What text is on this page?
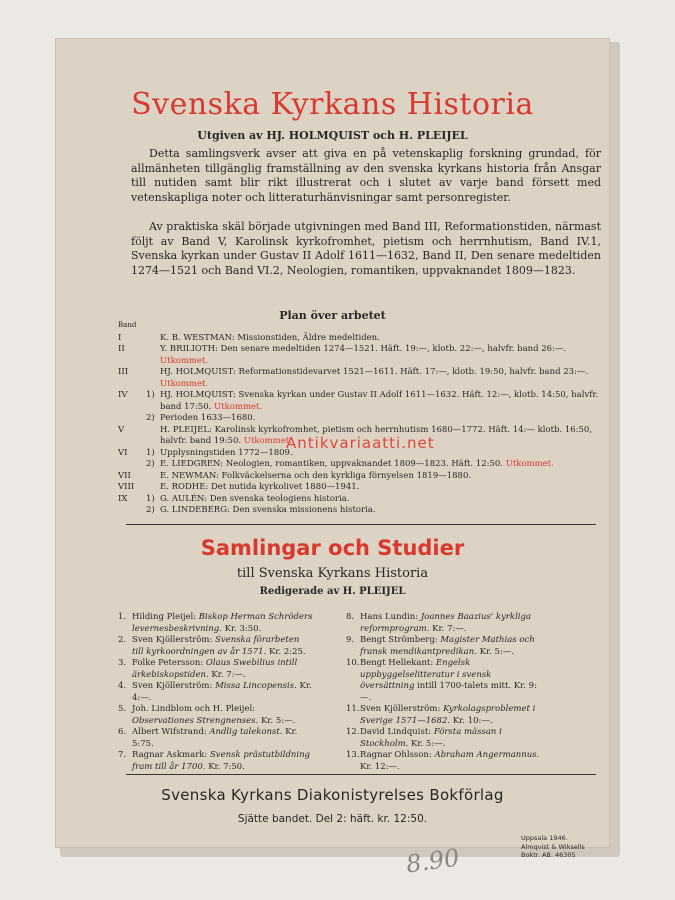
Svenska Kyrkans Historia
Utgiven av HJ. HOLMQUIST och H. PLEIJEL
Detta samlingsverk avser att giva en på vetenskaplig forskning grundad, för allmänheten tillgänglig framställning av den svenska kyrkans historia från Ansgar till nutiden samt blir rikt illustrerat och i slutet av varje band försett med vetenskapliga noter och litteraturhänvisningar samt personregister.
Av praktiska skäl började utgivningen med Band III, Reformationstiden, närmast följt av Band V, Karolinsk kyrkofromhet, pietism och herrnhutism, Band IV.1, Svenska kyrkan under Gustav II Adolf 1611—1632, Band II, Den senare medeltiden 1274—1521 och Band VI.2, Neologien, romantiken, uppvaknandet 1809—1823.
Plan över arbetet
Band
I	K. B. WESTMAN: Missionstiden, Äldre medeltiden.
II	Y. BRILIOTH: Den senare medeltiden 1274—1521. Häft. 19:—, klotb. 22:—, halvfr. band 26:—. Utkommet.
III	HJ. HOLMQUIST: Reformationstidevarvet 1521—1611. Häft. 17:—, klotb. 19:50, halvfr. band 23:—. Utkommet.
IV	1) HJ. HOLMQUIST: Svenska kyrkan under Gustav II Adolf 1611—1632. Häft. 12:—, klotb. 14:50, halvfr. band 17:50. Utkommet.
2) Perioden 1633—1680.
V	H. PLEIJEL: Karolinsk kyrkofromhet, pietism och herrnhutism 1680—1772. Häft. 14:— klotb. 16:50, halvfr. band 19:50. Utkommet.
VI	1) Upplysningstiden 1772—1809.
2) E. LIEDGREN: Neologien, romantiken, uppvaknandet 1809—1823. Häft. 12:50. Utkommet.
VII	E. NEWMAN: Folkväckelserna och den kyrkliga förnyelsen 1819—1880.
VIII	E. RODHE: Det nutida kyrkolivet 1880—1941.
IX	1) G. AULÉN: Den svenska teologiens historia.
2) G. LINDEBERG: Den svenska missionens historia.
Samlingar och Studier
till Svenska Kyrkans Historia
Redigerade av H. PLEIJEL
1. Hilding Pleijel: Biskop Herman Schröders levernesbeskrivning. Kr. 3:50.
2. Sven Kjöllerström: Svenska förarbeten till kyrkoordningen av år 1571. Kr. 2:25.
3. Folke Petersson: Olaus Swebilius intill ärkebiskopstiden. Kr. 7:—.
4. Sven Kjöllerström: Missa Lincopensis. Kr. 4:—.
5. Joh. Lindblom och H. Pleijel: Observationes Strengnenses. Kr. 5:—.
6. Albert Wifstrand: Andlig talekonst. Kr. 5:75.
7. Ragnar Askmark: Svensk prästutbildning fram till år 1700. Kr. 7:50.
8. Hans Lundin: Joannes Baazius' kyrkliga reformprogram. Kr. 7:—.
9. Bengt Strömberg: Magister Mathias och fransk mendikantpredikan. Kr. 5:—.
10. Bengt Hellekant: Engelsk uppbyggelselitteratur i svensk översättning intill 1700-talets mitt. Kr. 9:—.
11. Sven Kjöllerström: Kyrkolagsproblemet i Sverige 1571—1682. Kr. 10:—.
12. David Lindquist: Första mässan i Stockholm. Kr. 5:—.
13. Ragnar Ohlsson: Abraham Angermannus. Kr. 12:—.
Svenska Kyrkans Diakonistyrelses Bokförlag
Sjätte bandet. Del 2: häft. kr. 12:50.
Uppsala 1946.
Almqvist & Wiksells
Boktr. AB. 46305
8.90
Antikvariaatti.net
